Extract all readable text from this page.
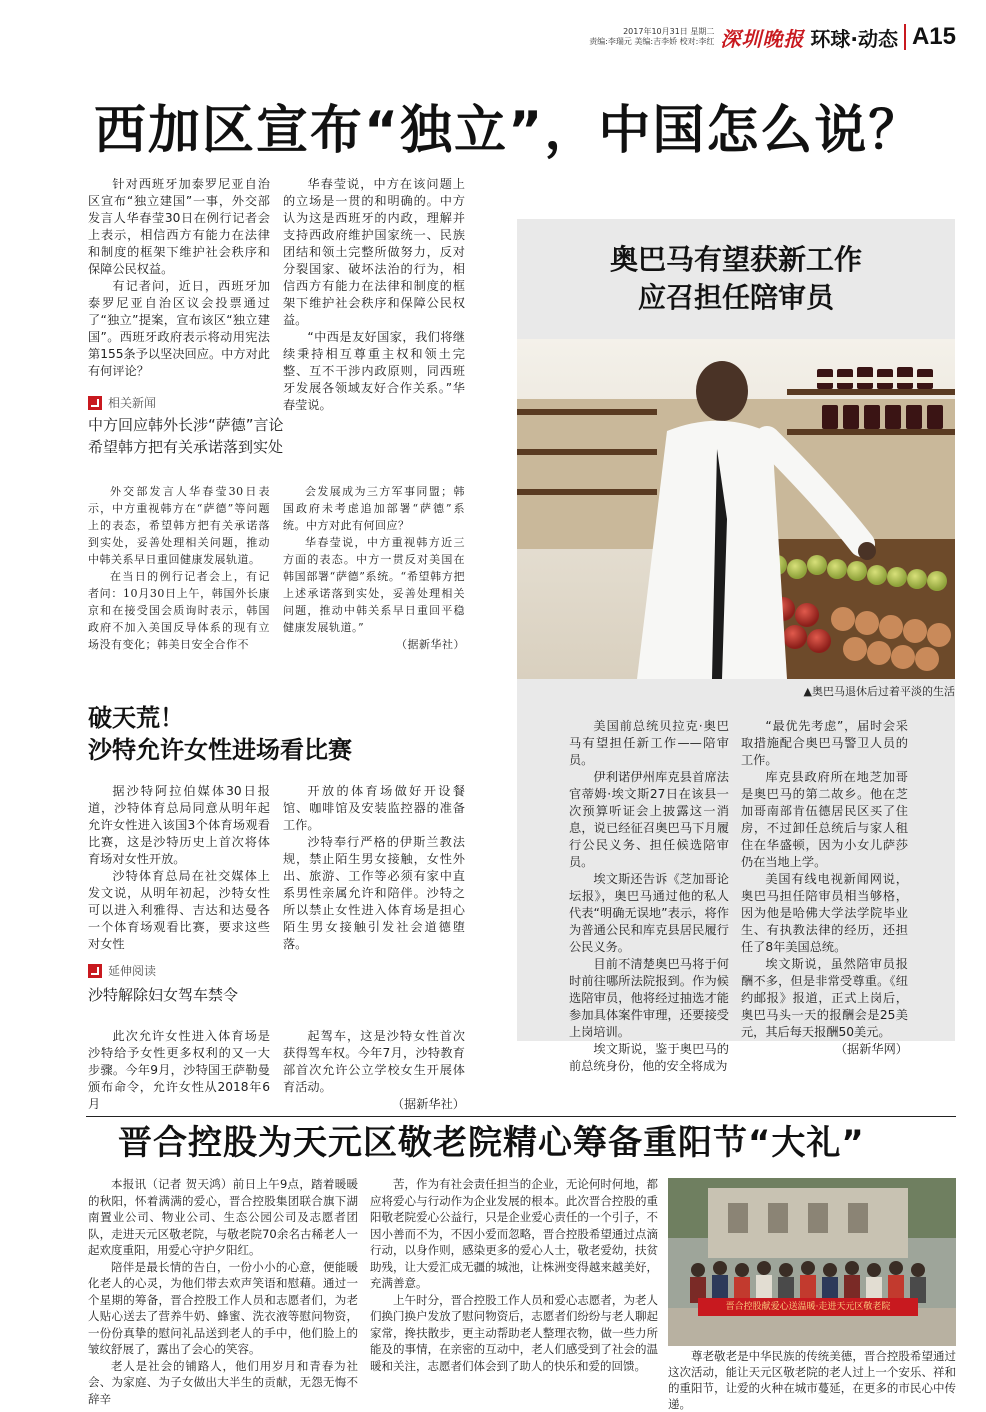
2017年10月31日 星期二
责编:李瑞元 美编:吉李娇 校对:李红 深圳晚报 环球·动态 A15
西加区宣布“独立”，中国怎么说？

针对西班牙加泰罗尼亚自治区宣布“独立建国”一事，外交部发言人华春莹30日在例行记者会上表示，相信西方有能力在法律和制度的框架下维护社会秩序和保障公民权益。

有记者问，近日，西班牙加泰罗尼亚自治区议会投票通过了“独立”提案，宣布该区“独立建国”。西班牙政府表示将动用宪法第155条予以坚决回应。中方对此有何评论？

华春莹说，中方在该问题上的立场是一贯的和明确的。中方认为这是西班牙的内政，理解并支持西政府维护国家统一、民族团结和领土完整所做努力，反对分裂国家、破坏法治的行为，相信西方有能力在法律和制度的框架下维护社会秩序和保障公民权益。

“中西是友好国家，我们将继续秉持相互尊重主权和领土完整、互不干涉内政原则，同西班牙发展各领域友好合作关系。”华春莹说。

相关新闻
中方回应韩外长涉“萨德”言论
希望韩方把有关承诺落到实处

外交部发言人华春莹30日表示，中方重视韩方在“萨德”等问题上的表态，希望韩方把有关承诺落到实处，妥善处理相关问题，推动中韩关系早日重回健康发展轨道。

在当日的例行记者会上，有记者问：10月30日上午，韩国外长康京和在接受国会质询时表示，韩国政府不加入美国反导体系的现有立场没有变化；韩美日安全合作不

会发展成为三方军事同盟；韩国政府未考虑追加部署“萨德”系统。中方对此有何回应？

华春莹说，中方重视韩方近三方面的表态。中方一贯反对美国在韩国部署“萨德”系统。“希望韩方把上述承诺落到实处，妥善处理相关问题，推动中韩关系早日重回平稳健康发展轨道。”

（据新华社）
破天荒！
沙特允许女性进场看比赛

据沙特阿拉伯媒体30日报道，沙特体育总局同意从明年起允许女性进入该国3个体育场观看比赛，这是沙特历史上首次将体育场对女性开放。

沙特体育总局在社交媒体上发文说，从明年初起，沙特女性可以进入利雅得、吉达和达曼各一个体育场观看比赛，要求这些对女性

开放的体育场做好开设餐馆、咖啡馆及安装监控器的准备工作。

沙特奉行严格的伊斯兰教法规，禁止陌生男女接触，女性外出、旅游、工作等必须有家中直系男性亲属允许和陪伴。沙特之所以禁止女性进入体育场是担心陌生男女接触引发社会道德堕落。

延伸阅读
沙特解除妇女驾车禁令

此次允许女性进入体育场是沙特给予女性更多权利的又一大步骤。今年9月，沙特国王萨勒曼颁布命令，允许女性从2018年6月

起驾车，这是沙特女性首次获得驾车权。今年7月，沙特教育部首次允许公立学校女生开展体育活动。

（据新华社）
奥巴马有望获新工作
应召担任陪审员
▲奥巴马退休后过着平淡的生活

美国前总统贝拉克·奥巴马有望担任新工作——陪审员。

伊利诺伊州库克县首席法官蒂姆·埃文斯27日在该县一次预算听证会上披露这一消息，说已经征召奥巴马下月履行公民义务、担任候选陪审员。

埃文斯还告诉《芝加哥论坛报》，奥巴马通过他的私人代表“明确无误地”表示，将作为普通公民和库克县居民履行公民义务。

目前不清楚奥巴马将于何时前往哪所法院报到。作为候选陪审员，他将经过抽选才能参加具体案件审理，还要接受上岗培训。

埃文斯说，鉴于奥巴马的前总统身份，他的安全将成为

“最优先考虑”，届时会采取措施配合奥巴马警卫人员的工作。

库克县政府所在地芝加哥是奥巴马的第二故乡。他在芝加哥南部肯伍德居民区买了住房，不过卸任总统后与家人租住在华盛顿，因为小女儿萨莎仍在当地上学。

美国有线电视新闻网说，奥巴马担任陪审员相当够格，因为他是哈佛大学法学院毕业生、有执教法律的经历，还担任了8年美国总统。

埃文斯说，虽然陪审员报酬不多，但是非常受尊重。《纽约邮报》报道，正式上岗后，奥巴马头一天的报酬会是25美元，其后每天报酬50美元。

（据新华网）
晋合控股为天元区敬老院精心筹备重阳节“大礼”

本报讯（记者 贺天鸿）前日上午9点，踏着暖暖的秋阳，怀着满满的爱心，晋合控股集团联合旗下湖南置业公司、物业公司、生态公园公司及志愿者团队，走进天元区敬老院，与敬老院70余名古稀老人一起欢度重阳，用爱心守护夕阳红。

陪伴是最长情的告白，一份小小的心意，便能暖化老人的心灵，为他们带去欢声笑语和慰藉。通过一个星期的筹备，晋合控股工作人员和志愿者们，为老人贴心送去了营养牛奶、蜂蜜、洗衣液等慰问物资，一份份真挚的慰问礼品送到老人的手中，他们脸上的皱纹舒展了，露出了会心的笑容。

老人是社会的铺路人，他们用岁月和青春为社会、为家庭、为子女做出大半生的贡献，无怨无悔不辞辛

苦，作为有社会责任担当的企业，无论何时何地，都应将爱心与行动作为企业发展的根本。此次晋合控股的重阳敬老院爱心公益行，只是企业爱心责任的一个引子，不因小善而不为，不因小爱而忽略，晋合控股希望通过点滴行动，以身作则，感染更多的爱心人士，敬老爱幼，扶贫助残，让大爱汇成无疆的城池，让株洲变得越来越美好，充满善意。

上午时分，晋合控股工作人员和爱心志愿者，为老人们换门换户发放了慰问物资后，志愿者们纷纷与老人聊起家常，搀扶散步，更主动帮助老人整理衣物，做一些力所能及的事情，在亲密的互动中，老人们感受到了社会的温暖和关注，志愿者们体会到了助人的快乐和爱的回馈。

晋合控股献爱心送温暖·走进天元区敬老院

尊老敬老是中华民族的传统美德，晋合控股希望通过这次活动，能让天元区敬老院的老人过上一个安乐、祥和的重阳节，让爱的火种在城市蔓延，在更多的市民心中传递。
